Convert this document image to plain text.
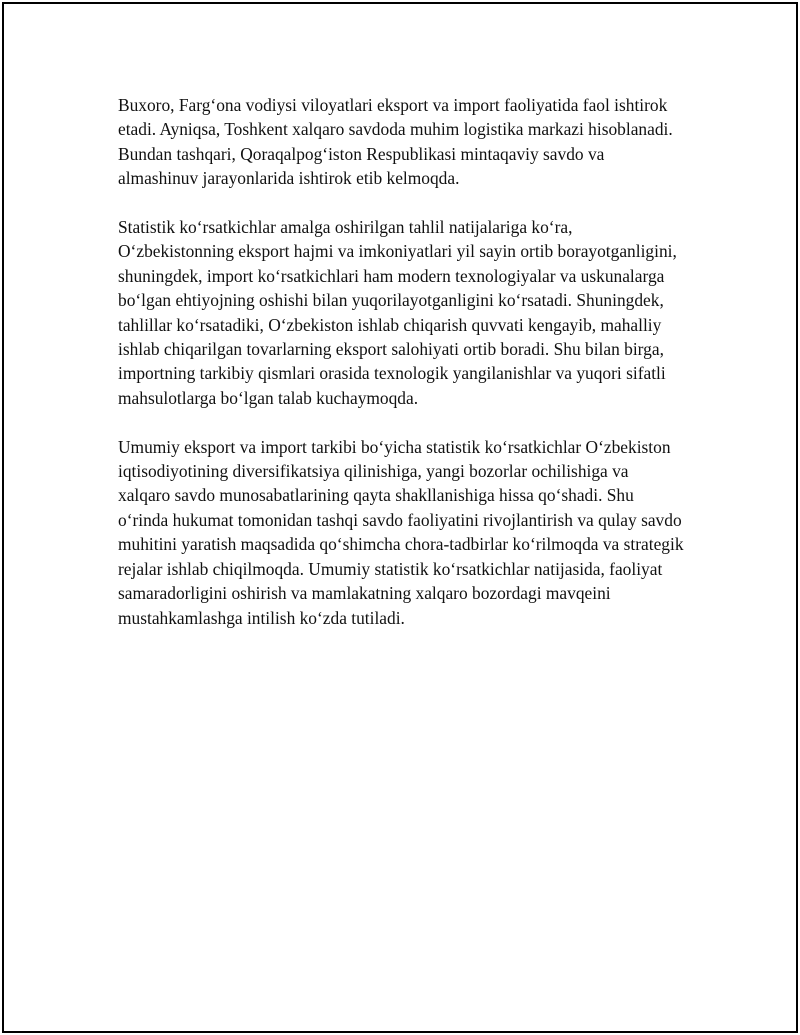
Buxoro, Farg‘ona vodiysi viloyatlari eksport va import faoliyatida faol ishtirok etadi. Ayniqsa, Toshkent xalqaro savdoda muhim logistika markazi hisoblanadi. Bundan tashqari, Qoraqalpog‘iston Respublikasi mintaqaviy savdo va almashinuv jarayonlarida ishtirok etib kelmoqda.

Statistik ko‘rsatkichlar amalga oshirilgan tahlil natijalariga ko‘ra, O‘zbekistonning eksport hajmi va imkoniyatlari yil sayin ortib borayotganligini, shuningdek, import ko‘rsatkichlari ham modern texnologiyalar va uskunalarga bo‘lgan ehtiyojning oshishi bilan yuqorilayotganligini ko‘rsatadi. Shuningdek, tahlillar ko‘rsatadiki, O‘zbekiston ishlab chiqarish quvvati kengayib, mahalliy ishlab chiqarilgan tovarlarning eksport salohiyati ortib boradi. Shu bilan birga, importning tarkibiy qismlari orasida texnologik yangilanishlar va yuqori sifatli mahsulotlarga bo‘lgan talab kuchaymoqda.

Umumiy eksport va import tarkibi bo‘yicha statistik ko‘rsatkichlar O‘zbekiston iqtisodiyotining diversifikatsiya qilinishiga, yangi bozorlar ochilishiga va xalqaro savdo munosabatlarining qayta shakllanishiga hissa qo‘shadi. Shu o‘rinda hukumat tomonidan tashqi savdo faoliyatini rivojlantirish va qulay savdo muhitini yaratish maqsadida qo‘shimcha chora-tadbirlar ko‘rilmoqda va strategik rejalar ishlab chiqilmoqda. Umumiy statistik ko‘rsatkichlar natijasida, faoliyat samaradorligini oshirish va mamlakatning xalqaro bozordagi mavqeini mustahkamlashga intilish ko‘zda tutiladi.
